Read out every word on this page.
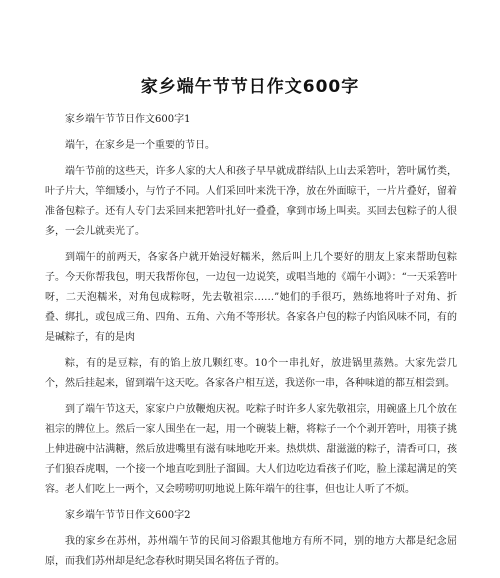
家乡端午节节日作文600字
家乡端午节节日作文600字1
端午，在家乡是一个重要的节日。
端午节前的这些天，许多人家的大人和孩子早早就成群结队上山去采箬叶，箬叶属竹类，叶子片大，竿细矮小，与竹子不同。人们采回叶来洗干净，放在外面晾干，一片片叠好，留着准备包粽子。还有人专门去采回来把箬叶扎好一叠叠，拿到市场上叫卖。买回去包粽子的人很多，一会儿就卖光了。
到端午的前两天，各家各户就开始浸好糯米，然后叫上几个要好的朋友上家来帮助包粽子。今天你帮我包，明天我帮你包，一边包一边说笑，或唱当地的《端午小调》：“一天采箬叶呀，二天泡糯米，对角包成粽呀，先去敬祖宗……”她们的手很巧，熟练地将叶子对角、折叠、绑扎，或包成三角、四角、五角、六角不等形状。各家各户包的粽子内馅风味不同，有的是碱粽子，有的是肉
粽，有的是豆粽，有的馅上放几颗红枣。10个一串扎好，放进锅里蒸熟。大家先尝几个，然后挂起来，留到端午这天吃。各家各户相互送，我送你一串，各种味道的都互相尝到。
到了端午节这天，家家户户放鞭炮庆祝。吃粽子时许多人家先敬祖宗，用碗盛上几个放在祖宗的牌位上。然后一家人围坐在一起，用一个碗装上糖，将粽子一个个剥开箬叶，用筷子挑上伸进碗中沾满糖，然后放进嘴里有滋有味地吃开来。热烘烘、甜滋滋的粽子，清香可口，孩子们狼吞虎咽，一个接一个地直吃到肚子溜圆。大人们边吃边看孩子们吃，脸上漾起满足的笑容。老人们吃上一两个，又会唠唠叨叨地说上陈年端午的往事，但也让人听了不烦。
家乡端午节节日作文600字2
我的家乡在苏州，苏州端午节的民间习俗跟其他地方有所不同，别的地方大都是纪念屈原，而我们苏州却是纪念春秋时期吴国名将伍子胥的。
